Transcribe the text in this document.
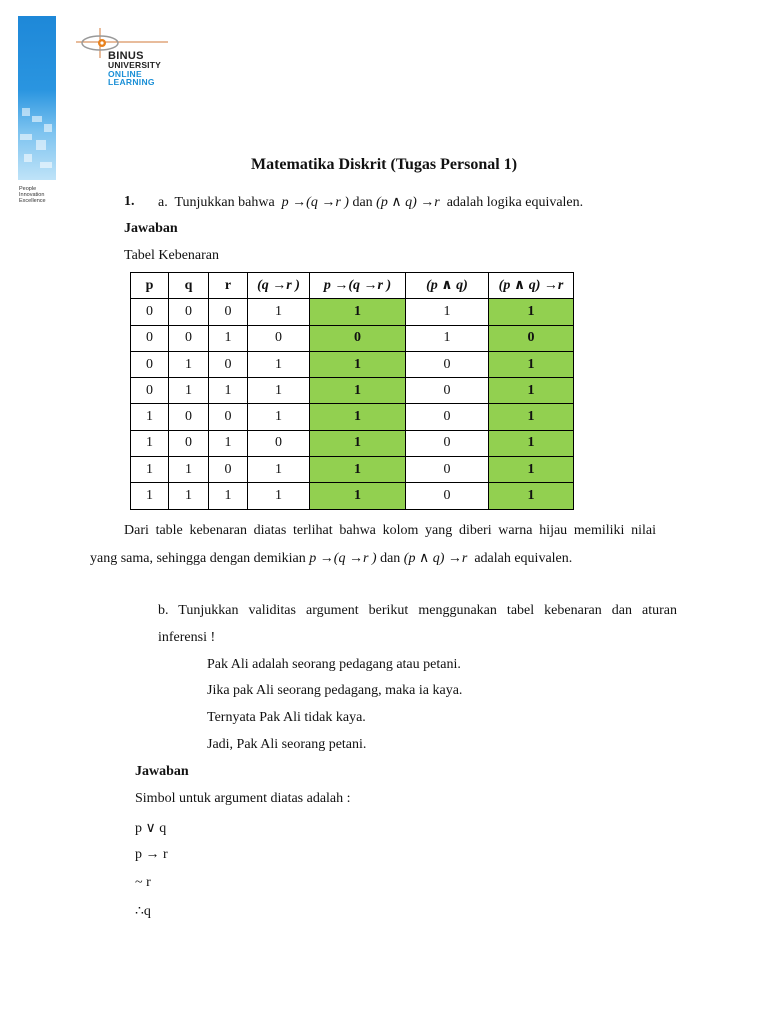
People
Innovation
Excellence
BINUS
UNIVERSITY
ONLINE
LEARNING
Matematika Diskrit (Tugas Personal 1)
1. a. Tunjukkan bahwa p →(q →r ) dan (p ∧ q) →r adalah logika equivalen.
Jawaban
Tabel Kebenaran
p	q	r	(q →r )	p →(q →r )	(p ∧ q)	(p ∧ q) →r
0	0	0	1	1	1	1
0	0	1	0	0	1	0
0	1	0	1	1	0	1
0	1	1	1	1	0	1
1	0	0	1	1	0	1
1	0	1	0	1	0	1
1	1	0	1	1	0	1
1	1	1	1	1	0	1
Dari table kebenaran diatas terlihat bahwa kolom yang diberi warna hijau memiliki nilai
yang sama, sehingga dengan demikian p →(q →r ) dan (p ∧ q) →r adalah equivalen.
b. Tunjukkan validitas argument berikut menggunakan tabel kebenaran dan aturan
inferensi !
Pak Ali adalah seorang pedagang atau petani.
Jika pak Ali seorang pedagang, maka ia kaya.
Ternyata Pak Ali tidak kaya.
Jadi, Pak Ali seorang petani.
Jawaban
Simbol untuk argument diatas adalah :
p ∨ q
p → r
~ r
∴q
